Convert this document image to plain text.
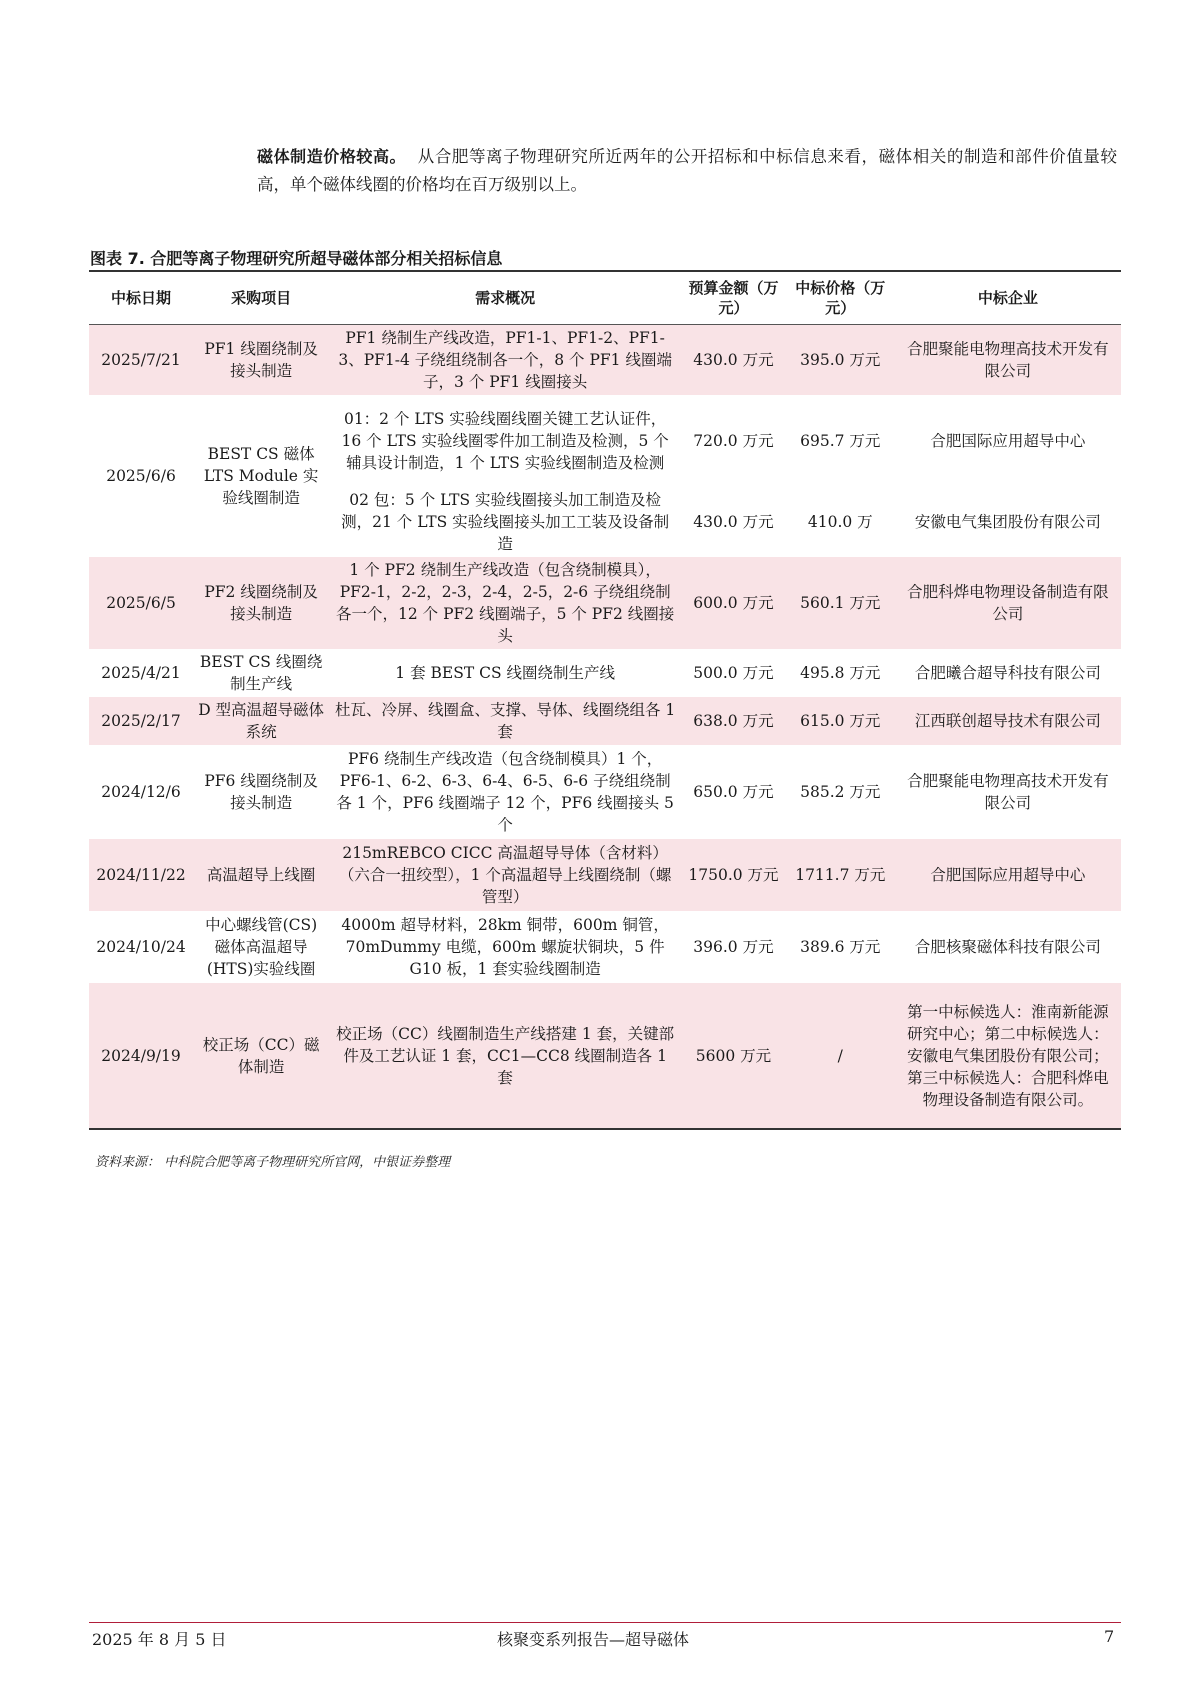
磁体制造价格较高。 从合肥等离子物理研究所近两年的公开招标和中标信息来看，磁体相关的制造和部件价值量较高，单个磁体线圈的价格均在百万级别以上。
图表 7. 合肥等离子物理研究所超导磁体部分相关招标信息
中标日期	采购项目	需求概况	预算金额（万元）	中标价格（万元）	中标企业
2025/7/21	PF1 线圈绕制及接头制造	PF1 绕制生产线改造，PF1-1、PF1-2、PF1-3、PF1-4 子绕组绕制各一个，8 个 PF1 线圈端子，3 个 PF1 线圈接头	430.0 万元	395.0 万元	合肥聚能电物理高技术开发有限公司
2025/6/6	BEST CS 磁体 LTS Module 实验线圈制造	01：2 个 LTS 实验线圈线圈关键工艺认证件，16 个 LTS 实验线圈零件加工制造及检测，5 个辅具设计制造，1 个 LTS 实验线圈制造及检测	720.0 万元	695.7 万元	合肥国际应用超导中心
		02 包：5 个 LTS 实验线圈接头加工制造及检测，21 个 LTS 实验线圈接头加工工装及设备制造	430.0 万元	410.0 万	安徽电气集团股份有限公司
2025/6/5	PF2 线圈绕制及接头制造	1 个 PF2 绕制生产线改造（包含绕制模具），PF2-1，2-2，2-3，2-4，2-5，2-6 子绕组绕制各一个，12 个 PF2 线圈端子，5 个 PF2 线圈接头	600.0 万元	560.1 万元	合肥科烨电物理设备制造有限公司
2025/4/21	BEST CS 线圈绕制生产线	1 套 BEST CS 线圈绕制生产线	500.0 万元	495.8 万元	合肥曦合超导科技有限公司
2025/2/17	D 型高温超导磁体系统	杜瓦、冷屏、线圈盒、支撑、导体、线圈绕组各 1 套	638.0 万元	615.0 万元	江西联创超导技术有限公司
2024/12/6	PF6 线圈绕制及接头制造	PF6 绕制生产线改造（包含绕制模具）1 个，PF6-1、6-2、6-3、6-4、6-5、6-6 子绕组绕制各 1 个，PF6 线圈端子 12 个，PF6 线圈接头 5 个	650.0 万元	585.2 万元	合肥聚能电物理高技术开发有限公司
2024/11/22	高温超导上线圈	215mREBCO CICC 高温超导导体（含材料）（六合一扭绞型），1 个高温超导上线圈绕制（螺管型）	1750.0 万元	1711.7 万元	合肥国际应用超导中心
2024/10/24	中心螺线管(CS)磁体高温超导(HTS)实验线圈	4000m 超导材料，28km 铜带，600m 铜管，70mDummy 电缆，600m 螺旋状铜块，5 件 G10 板，1 套实验线圈制造	396.0 万元	389.6 万元	合肥核聚磁体科技有限公司
2024/9/19	校正场（CC）磁体制造	校正场（CC）线圈制造生产线搭建 1 套，关键部件及工艺认证 1 套，CC1—CC8 线圈制造各 1 套	5600 万元	/	第一中标候选人：淮南新能源研究中心；第二中标候选人：安徽电气集团股份有限公司；第三中标候选人：合肥科烨电物理设备制造有限公司。
资料来源： 中科院合肥等离子物理研究所官网，中银证券整理
2025 年 8 月 5 日	核聚变系列报告—超导磁体	7
